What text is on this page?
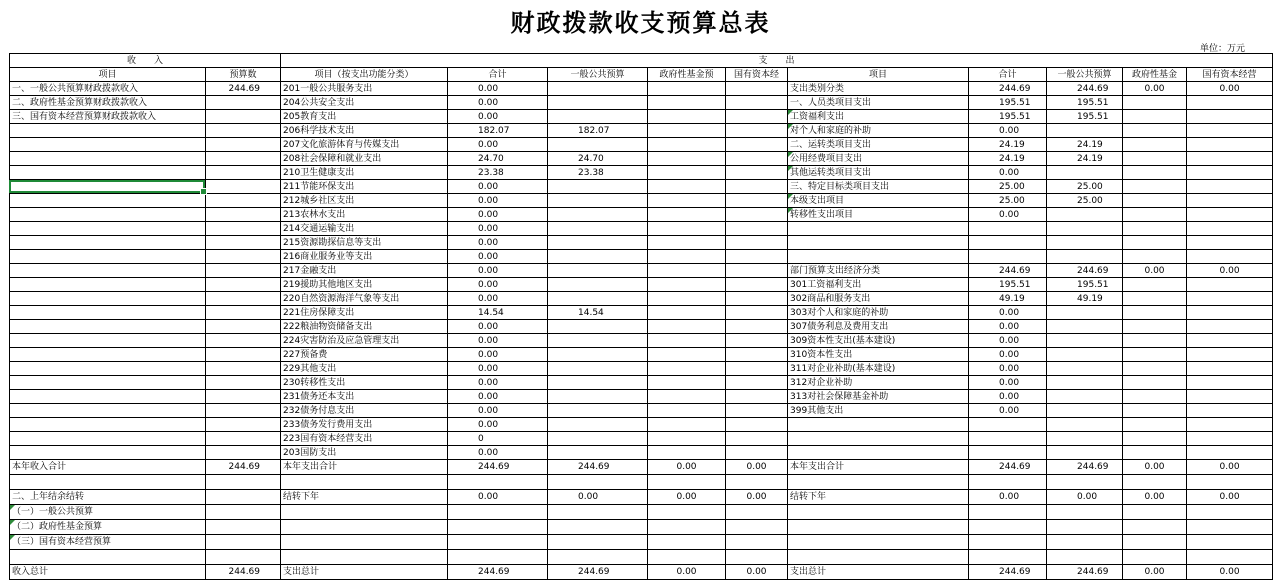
财政拨款收支预算总表
单位：万元
收　　入		支　　出									
项目	预算数	项目（按支出功能分类）	合计	一般公共预算	政府性基金预	国有资本经	项目	合计	一般公共预算	政府性基金	国有资本经营
一、一般公共预算财政拨款收入	244.69	201一般公共服务支出	0.00				支出类别分类	244.69	244.69	0.00	0.00
二、政府性基金预算财政拨款收入		204公共安全支出	0.00				一、人员类项目支出	195.51	195.51		
三、国有资本经营预算财政拨款收入		205教育支出	0.00				工资福利支出	195.51	195.51		
		206科学技术支出	182.07	182.07			对个人和家庭的补助	0.00			
		207文化旅游体育与传媒支出	0.00				二、运转类项目支出	24.19	24.19		
		208社会保障和就业支出	24.70	24.70			公用经费项目支出	24.19	24.19		
		210卫生健康支出	23.38	23.38			其他运转类项目支出	0.00			
		211节能环保支出	0.00				三、特定目标类项目支出	25.00	25.00		
		212城乡社区支出	0.00				本级支出项目	25.00	25.00		
		213农林水支出	0.00				转移性支出项目	0.00			
		214交通运输支出	0.00								
		215资源勘探信息等支出	0.00								
		216商业服务业等支出	0.00								
		217金融支出	0.00				部门预算支出经济分类	244.69	244.69	0.00	0.00
		219援助其他地区支出	0.00				301工资福利支出	195.51	195.51		
		220自然资源海洋气象等支出	0.00				302商品和服务支出	49.19	49.19		
		221住房保障支出	14.54	14.54			303对个人和家庭的补助	0.00			
		222粮油物资储备支出	0.00				307债务利息及费用支出	0.00			
		224灾害防治及应急管理支出	0.00				309资本性支出(基本建设)	0.00			
		227预备费	0.00				310资本性支出	0.00			
		229其他支出	0.00				311对企业补助(基本建设)	0.00			
		230转移性支出	0.00				312对企业补助	0.00			
		231债务还本支出	0.00				313对社会保障基金补助	0.00			
		232债务付息支出	0.00				399其他支出	0.00			
		233债务发行费用支出	0.00								
		223国有资本经营支出	0								
		203国防支出	0.00								
本年收入合计	244.69	本年支出合计	244.69	244.69	0.00	0.00	本年支出合计	244.69	244.69	0.00	0.00

二、上年结余结转		结转下年	0.00	0.00	0.00	0.00	结转下年	0.00	0.00	0.00	0.00
（一）一般公共预算											
（二）政府性基金预算											
（三）国有资本经营预算											

收入总计	244.69	支出总计	244.69	244.69	0.00	0.00	支出总计	244.69	244.69	0.00	0.00
